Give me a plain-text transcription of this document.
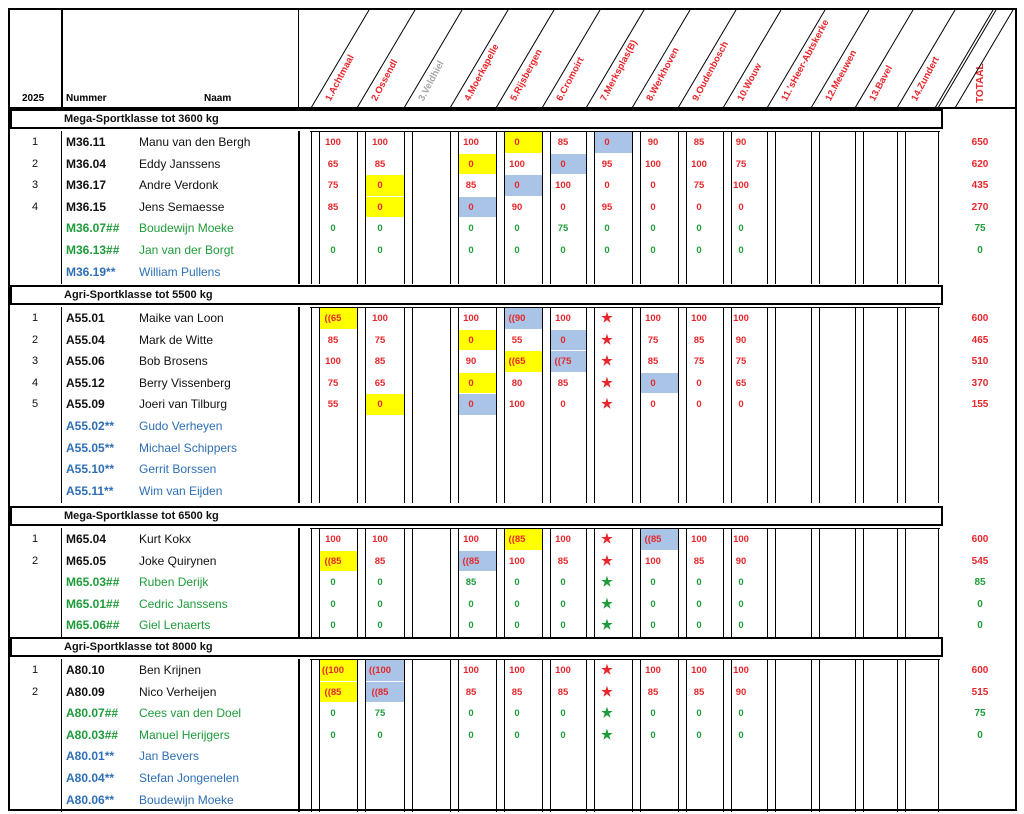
2025 Nummer	Naam	TOTAAL
1.Achtmaal 2.Ossendl 3.Veldhiel 4.Moerkapelle 5.Rijsbergen 6.Cromoirt 7.Merksplas(B) 8.Werkhoven 9.Oudenbosch 10.Wouw 11.'sHeer-Abtskerke
12.Meeuwen 13.Bavel 14.Zundert
Mega-Sportklasse tot 3600 kg
1 M36.11	Manu van den Bergh	100	100	100	0	85	0	90	85	90	650
2 M36.04	Eddy Janssens	65	85	0	100	0	95	100	100	75	620
3 M36.17	Andre Verdonk	75	0	85	0	100	0	0	75	100	435
4 M36.15	Jens Semaesse	85	0	0	90	0	95	0	0	0	270
M36.07## Boudewijn Moeke	0	0	0	0	75	0	0	0	0	75
M36.13## Jan van der Borgt	0	0	0	0	0	0	0	0	0	0
M36.19** William Pullens
Agri-Sportklasse tot 5500 kg
1 A55.01	Maike van Loon	((65	100	100	((90	100	★	100	100	100	600
2 A55.04	Mark de Witte	85	75	0	55	0	★	75	85	90	465
3 A55.06	Bob Brosens	100	85	90	((65	((75	★	85	75	75	510
4 A55.12	Berry Vissenberg	75	65	0	80	85	★	0	0	65	370
5 A55.09	Joeri van Tilburg	55	0	0	100	0	★	0	0	0	155
A55.02** Gudo Verheyen
A55.05** Michael Schippers
A55.10** Gerrit Borssen
A55.11** Wim van Eijden
Mega-Sportklasse tot 6500 kg
1 M65.04	Kurt Kokx	100	100	100	((85	100	★	((85	100	100	600
2 M65.05	Joke Quirynen	((85	85	((85	100	85	★	100	85	90	545
M65.03## Ruben Derijk	0	0	85	0	0	★	0	0	0	85
M65.01## Cedric Janssens	0	0	0	0	0	★	0	0	0	0
M65.06## Giel Lenaerts	0	0	0	0	0	★	0	0	0	0
Agri-Sportklasse tot 8000 kg
1 A80.10	Ben Krijnen	((100	((100	100	100	100	★	100	100	100	600
2 A80.09	Nico Verheijen	((85	((85	85	85	85	★	85	85	90	515
A80.07## Cees van den Doel	0	75	0	0	0	★	0	0	0	75
A80.03## Manuel Herijgers	0	0	0	0	0	★	0	0	0	0
A80.01** Jan Bevers
A80.04** Stefan Jongenelen
A80.06** Boudewijn Moeke
